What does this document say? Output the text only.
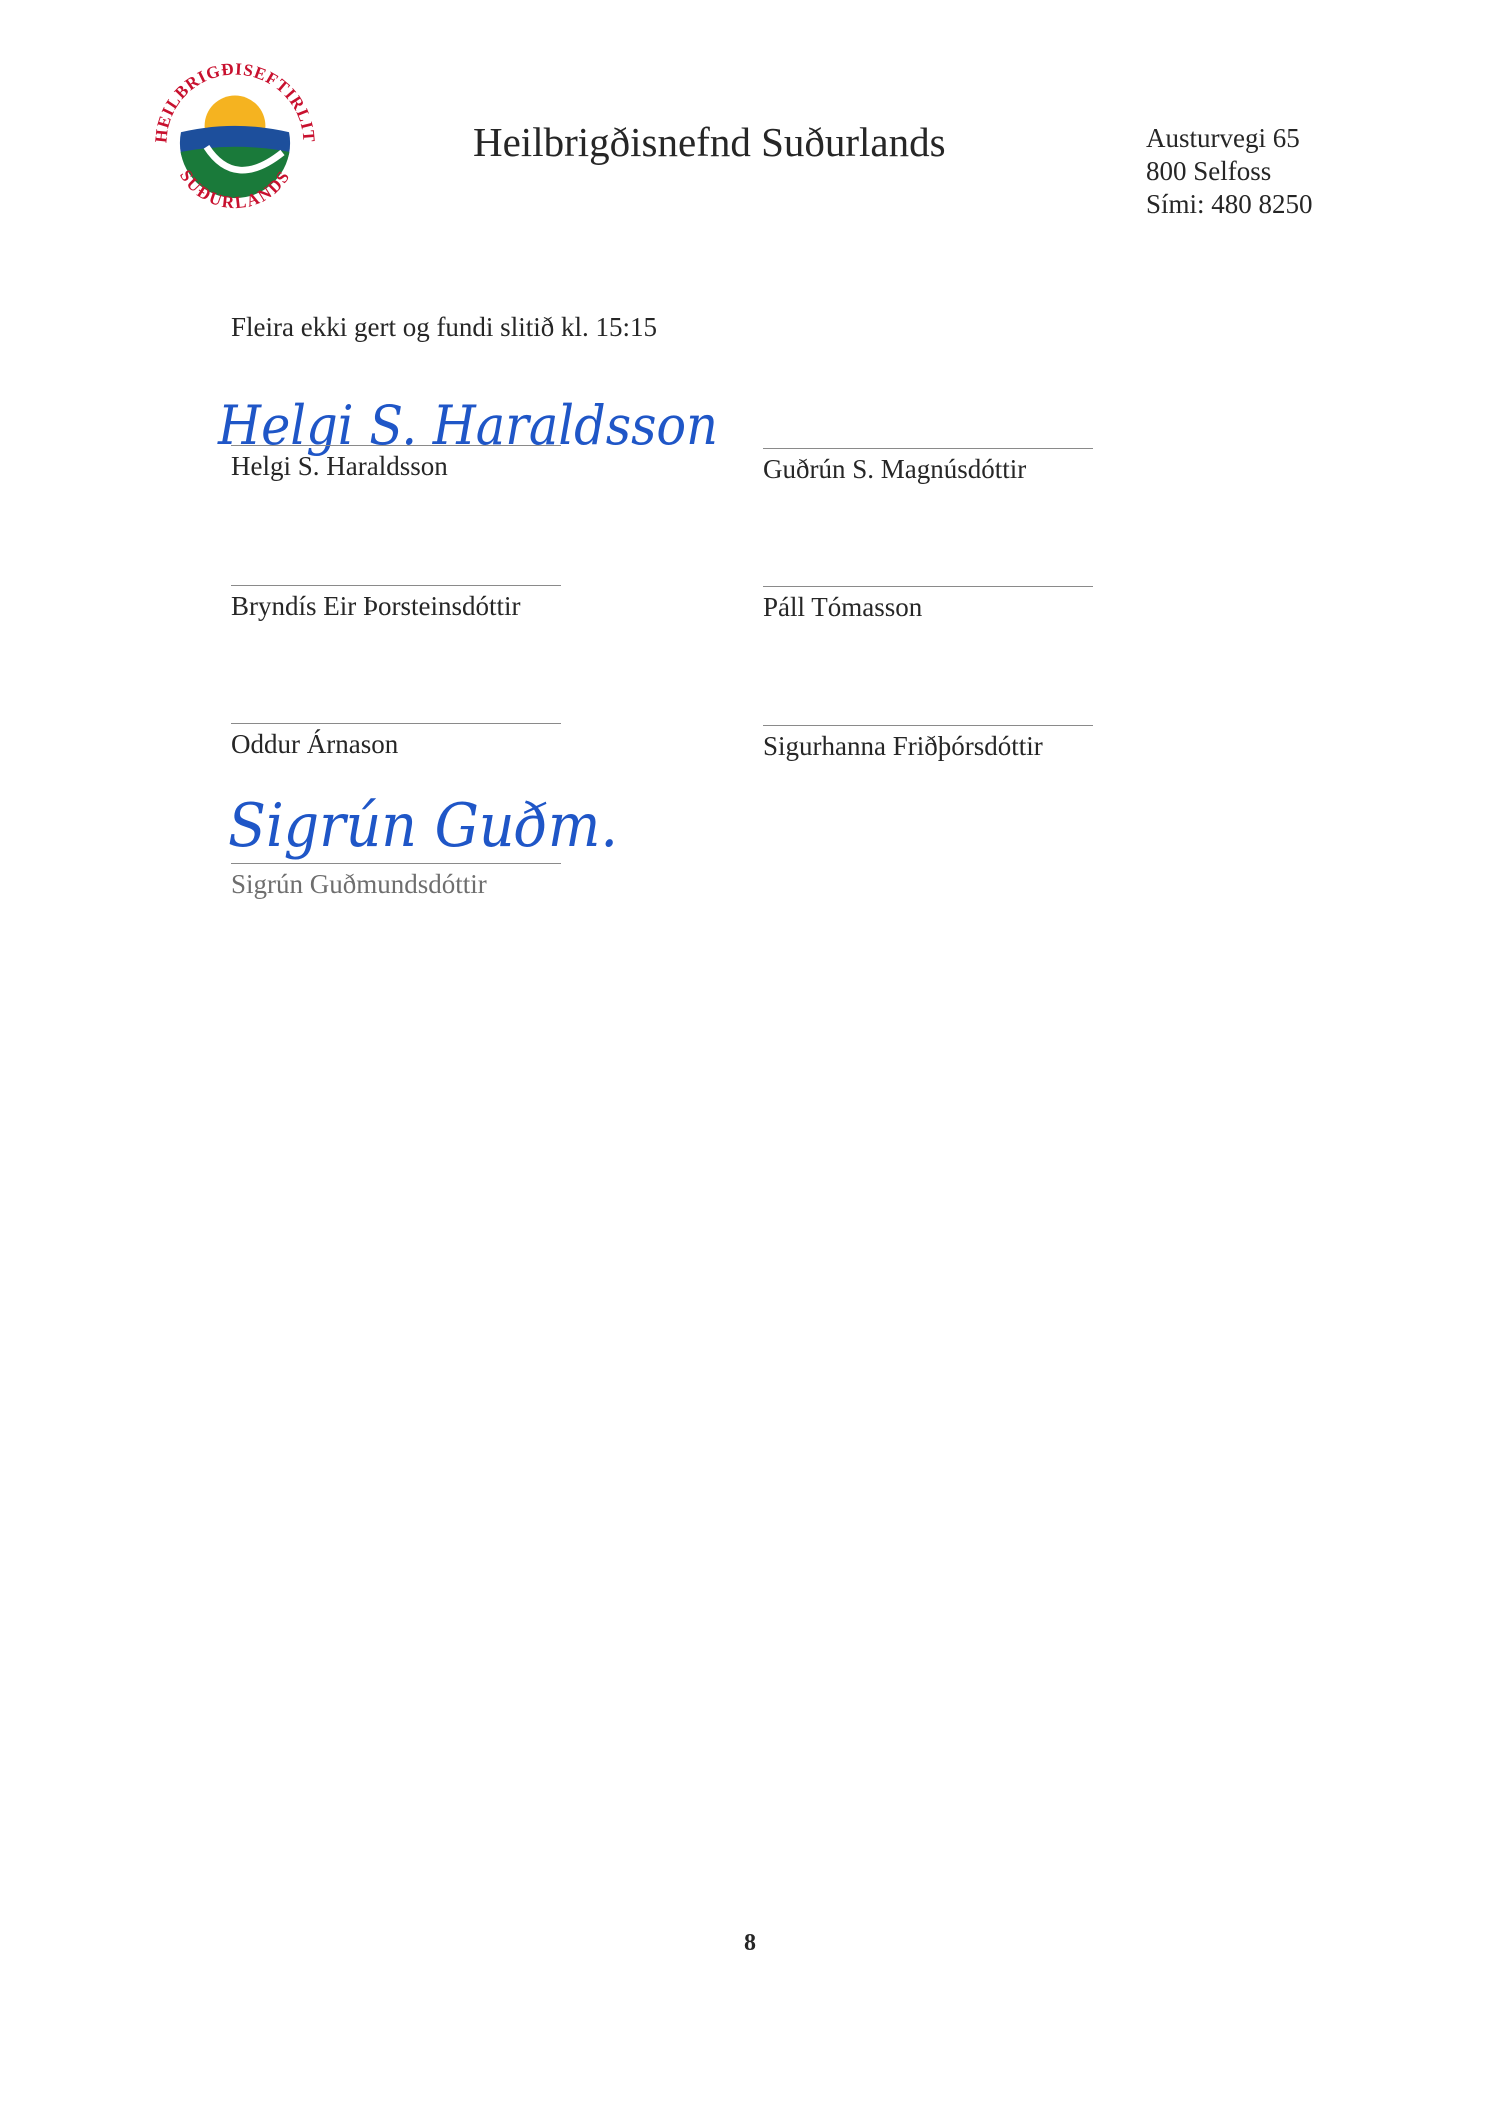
HEILBRIGÐISEFTIRLIT
SUÐURLANDS
Heilbrigðisnefnd Suðurlands	Austurvegi 65
800 Selfoss
Sími: 480 8250
Fleira ekki gert og fundi slitið kl. 15:15
Helgi S. Haraldsson
Helgi S. Haraldsson	Guðrún S. Magnúsdóttir
Bryndís Eir Þorsteinsdóttir	Páll Tómasson
Oddur Árnason	Sigurhanna Friðþórsdóttir
Sigrún Guðm.
Sigrún Guðmundsdóttir
8
